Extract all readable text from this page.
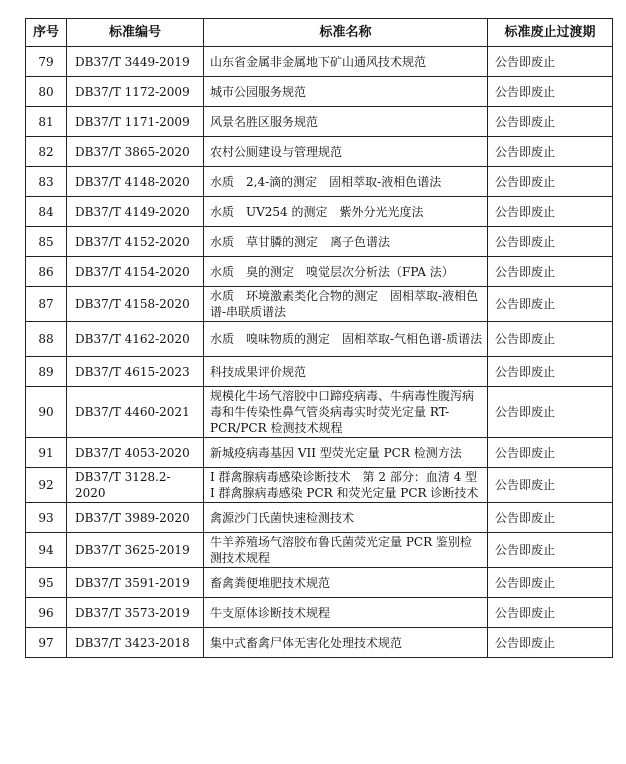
序号	标准编号	标准名称	标准废止过渡期
79	DB37/T 3449-2019	山东省金属非金属地下矿山通风技术规范	公告即废止
80	DB37/T 1172-2009	城市公园服务规范	公告即废止
81	DB37/T 1171-2009	风景名胜区服务规范	公告即废止
82	DB37/T 3865-2020	农村公厕建设与管理规范	公告即废止
83	DB37/T 4148-2020	水质　2,4-滴的测定　固相萃取-液相色谱法	公告即废止
84	DB37/T 4149-2020	水质　UV254 的测定　紫外分光光度法	公告即废止
85	DB37/T 4152-2020	水质　草甘膦的测定　离子色谱法	公告即废止
86	DB37/T 4154-2020	水质　臭的测定　嗅觉层次分析法（FPA 法）	公告即废止
87	DB37/T 4158-2020	水质　环境激素类化合物的测定　固相萃取-液相色谱-串联质谱法	公告即废止
88	DB37/T 4162-2020	水质　嗅味物质的测定　固相萃取-气相色谱-质谱法	公告即废止
89	DB37/T 4615-2023	科技成果评价规范	公告即废止
90	DB37/T 4460-2021	规模化牛场气溶胶中口蹄疫病毒、牛病毒性腹泻病毒和牛传染性鼻气管炎病毒实时荧光定量 RT-PCR/PCR 检测技术规程	公告即废止
91	DB37/T 4053-2020	新城疫病毒基因 VII 型荧光定量 PCR 检测方法	公告即废止
92	DB37/T 3128.2-2020	I 群禽腺病毒感染诊断技术　第 2 部分：血清 4 型 I 群禽腺病毒感染 PCR 和荧光定量 PCR 诊断技术	公告即废止
93	DB37/T 3989-2020	禽源沙门氏菌快速检测技术	公告即废止
94	DB37/T 3625-2019	牛羊养殖场气溶胶布鲁氏菌荧光定量 PCR 鉴别检测技术规程	公告即废止
95	DB37/T 3591-2019	畜禽粪便堆肥技术规范	公告即废止
96	DB37/T 3573-2019	牛支原体诊断技术规程	公告即废止
97	DB37/T 3423-2018	集中式畜禽尸体无害化处理技术规范	公告即废止
